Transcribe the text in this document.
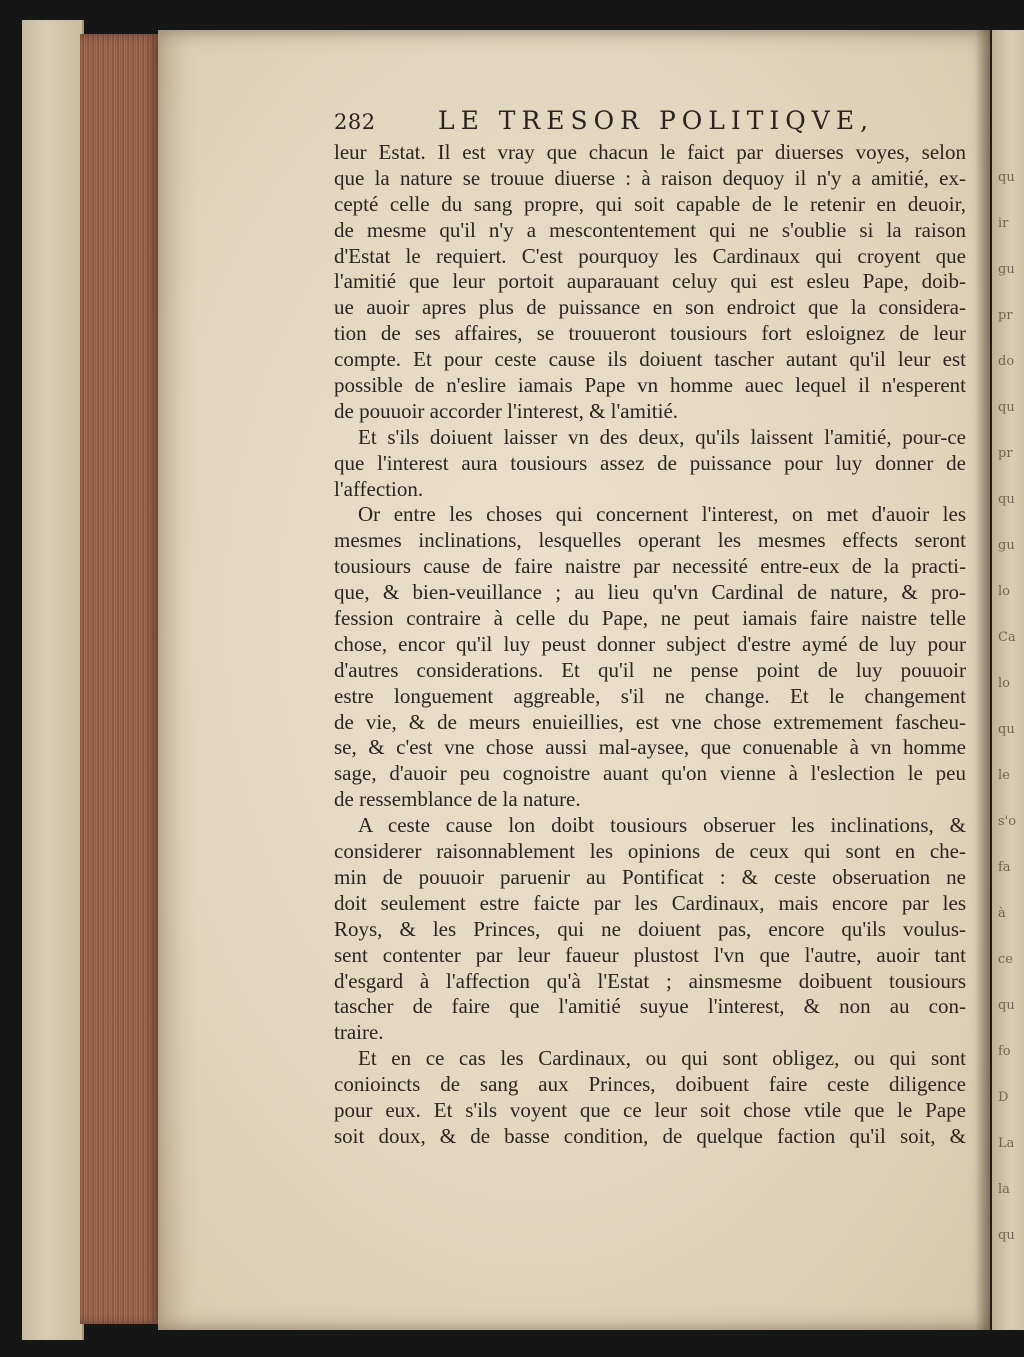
qu
ir
gu
pr
do
qu
pr
qu
gu
lo
Ca
lo
qu
le
s'o
fa
à
ce
qu
fo
D
La
la
qu
282 LE TRESOR POLITIQVE,
leur Estat. Il est vray que chacun le faict par diuerses voyes, selon
que la nature se trouue diuerse : à raison dequoy il n'y a amitié, ex-
cepté celle du sang propre, qui soit capable de le retenir en deuoir,
de mesme qu'il n'y a mescontentement qui ne s'oublie si la raison
d'Estat le requiert. C'est pourquoy les Cardinaux qui croyent que
l'amitié que leur portoit auparauant celuy qui est esleu Pape, doib-
ue auoir apres plus de puissance en son endroict que la considera-
tion de ses affaires, se trouueront tousiours fort esloignez de leur
compte. Et pour ceste cause ils doiuent tascher autant qu'il leur est
possible de n'eslire iamais Pape vn homme auec lequel il n'esperent
de pouuoir accorder l'interest, & l'amitié.
Et s'ils doiuent laisser vn des deux, qu'ils laissent l'amitié, pour-ce
que l'interest aura tousiours assez de puissance pour luy donner de
l'affection.
Or entre les choses qui concernent l'interest, on met d'auoir les
mesmes inclinations, lesquelles operant les mesmes effects seront
tousiours cause de faire naistre par necessité entre-eux de la practi-
que, & bien-veuillance ; au lieu qu'vn Cardinal de nature, & pro-
fession contraire à celle du Pape, ne peut iamais faire naistre telle
chose, encor qu'il luy peust donner subject d'estre aymé de luy pour
d'autres considerations. Et qu'il ne pense point de luy pouuoir
estre longuement aggreable, s'il ne change. Et le changement
de vie, & de meurs enuieillies, est vne chose extremement fascheu-
se, & c'est vne chose aussi mal-aysee, que conuenable à vn homme
sage, d'auoir peu cognoistre auant qu'on vienne à l'eslection le peu
de ressemblance de la nature.
A ceste cause lon doibt tousiours obseruer les inclinations, &
considerer raisonnablement les opinions de ceux qui sont en che-
min de pouuoir paruenir au Pontificat : & ceste obseruation ne
doit seulement estre faicte par les Cardinaux, mais encore par les
Roys, & les Princes, qui ne doiuent pas, encore qu'ils voulus-
sent contenter par leur faueur plustost l'vn que l'autre, auoir tant
d'esgard à l'affection qu'à l'Estat ; ainsmesme doibuent tousiours
tascher de faire que l'amitié suyue l'interest, & non au con-
traire.
Et en ce cas les Cardinaux, ou qui sont obligez, ou qui sont
conioincts de sang aux Princes, doibuent faire ceste diligence
pour eux. Et s'ils voyent que ce leur soit chose vtile que le Pape
soit doux, & de basse condition, de quelque faction qu'il soit, &
